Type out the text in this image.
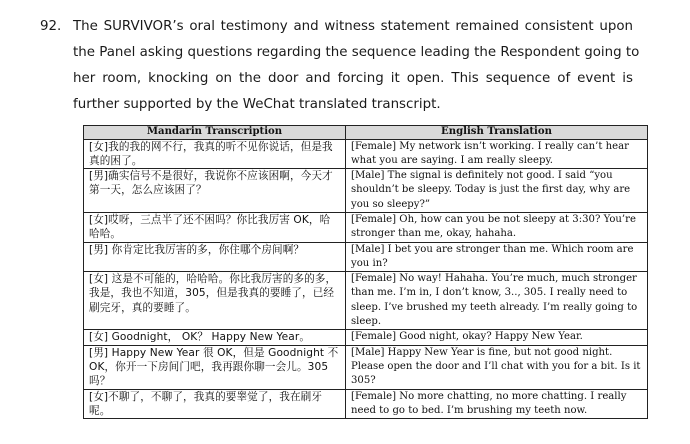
92. The SURVIVOR’s oral testimony and witness statement remained consistent upon
the Panel asking questions regarding the sequence leading the Respondent going to
her room, knocking on the door and forcing it open. This sequence of event is
further supported by the WeChat translated transcript.
Mandarin Transcription	English Translation
[女]我的我的网不行，我真的听不见你说话，但是我真的困了。	[Female] My network isn’t working. I really can’t hear what you are saying. I am really sleepy.
[男]确实信号不是很好，我说你不应该困啊，今天才第一天，怎么应该困了？	[Male] The signal is definitely not good. I said “you shouldn’t be sleepy. Today is just the first day, why are you so sleepy?”
[女]哎呀，三点半了还不困吗？你比我厉害 OK，哈哈哈。	[Female] Oh, how can you be not sleepy at 3:30? You’re stronger than me, okay, hahaha.
[男] 你肯定比我厉害的多，你住哪个房间啊？	[Male] I bet you are stronger than me. Which room are you in?
[女] 这是不可能的，哈哈哈。你比我厉害的多的多，我是，我也不知道，305，但是我真的要睡了，已经刷完牙，真的要睡了。	[Female] No way! Hahaha. You’re much, much stronger than me. I’m in, I don’t know, 3.., 305. I really need to sleep. I’ve brushed my teeth already. I’m really going to sleep.
[女] Goodnight， OK？ Happy New Year。	[Female] Good night, okay? Happy New Year.
[男] Happy New Year 很 OK，但是 Goodnight 不 OK，你开一下房间门吧，我再跟你聊一会儿。305吗？	[Male] Happy New Year is fine, but not good night. Please open the door and I’ll chat with you for a bit. Is it 305?
[女]不聊了，不聊了，我真的要睾觉了，我在刷牙呢。	[Female] No more chatting, no more chatting. I really need to go to bed. I’m brushing my teeth now.
